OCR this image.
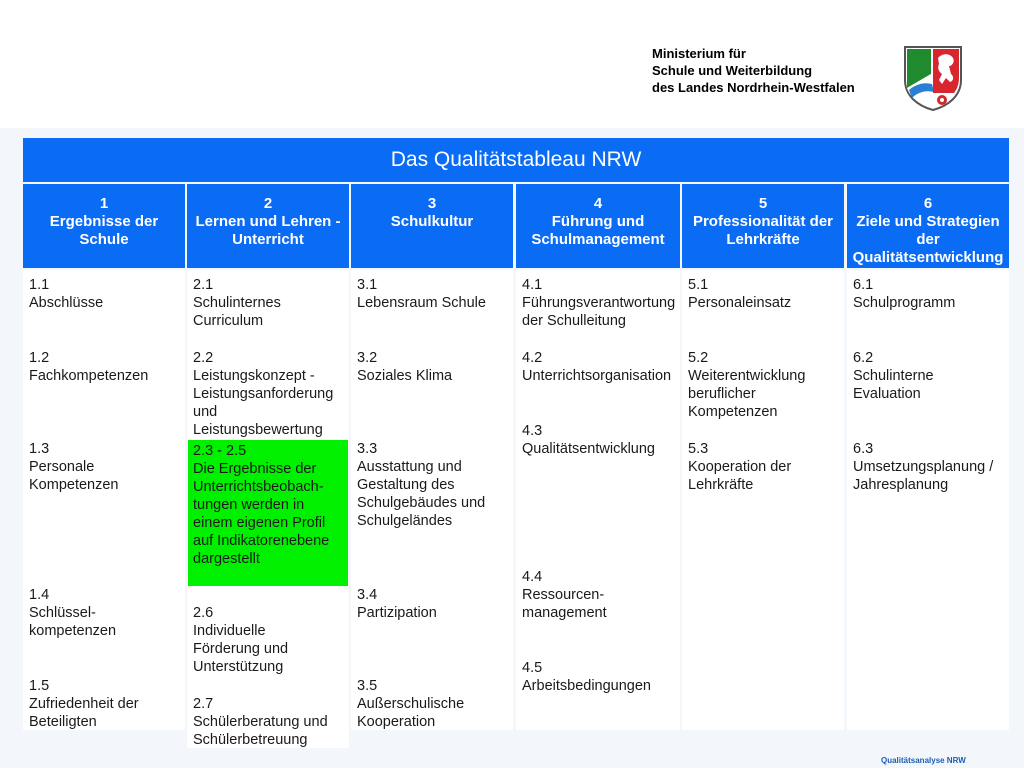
Ministerium für
Schule und Weiterbildung
des Landes Nordrhein-Westfalen
Das Qualitätstableau NRW
1
Ergebnisse der
Schule
2
Lernen und Lehren -
Unterricht
3
Schulkultur
4
Führung und
Schulmanagement
5
Professionalität der
Lehrkräfte
6
Ziele und Strategien
der
Qualitätsentwicklung
1.1
Abschlüsse
1.2
Fachkompetenzen
1.3
Personale
Kompetenzen
1.4
Schlüssel-
kompetenzen
1.5
Zufriedenheit der
Beteiligten
2.1
Schulinternes
Curriculum
2.2
Leistungskonzept -
Leistungsanforderung
und
Leistungsbewertung
2.3 - 2.5
Die Ergebnisse der
Unterrichtsbeobach-
tungen werden in
einem eigenen Profil
auf Indikatorenebene
dargestellt
2.6
Individuelle
Förderung und
Unterstützung
2.7
Schülerberatung und
Schülerbetreuung
3.1
Lebensraum Schule
3.2
Soziales Klima
3.3
Ausstattung und
Gestaltung des
Schulgebäudes und
Schulgeländes
3.4
Partizipation
3.5
Außerschulische
Kooperation
4.1
Führungsverantwortung
der Schulleitung
4.2
Unterrichtsorganisation
4.3
Qualitätsentwicklung
4.4
Ressourcen-
management
4.5
Arbeitsbedingungen
5.1
Personaleinsatz
5.2
Weiterentwicklung
beruflicher
Kompetenzen
5.3
Kooperation der
Lehrkräfte
6.1
Schulprogramm
6.2
Schulinterne
Evaluation
6.3
Umsetzungsplanung /
Jahresplanung
Qualitätsanalyse NRW
